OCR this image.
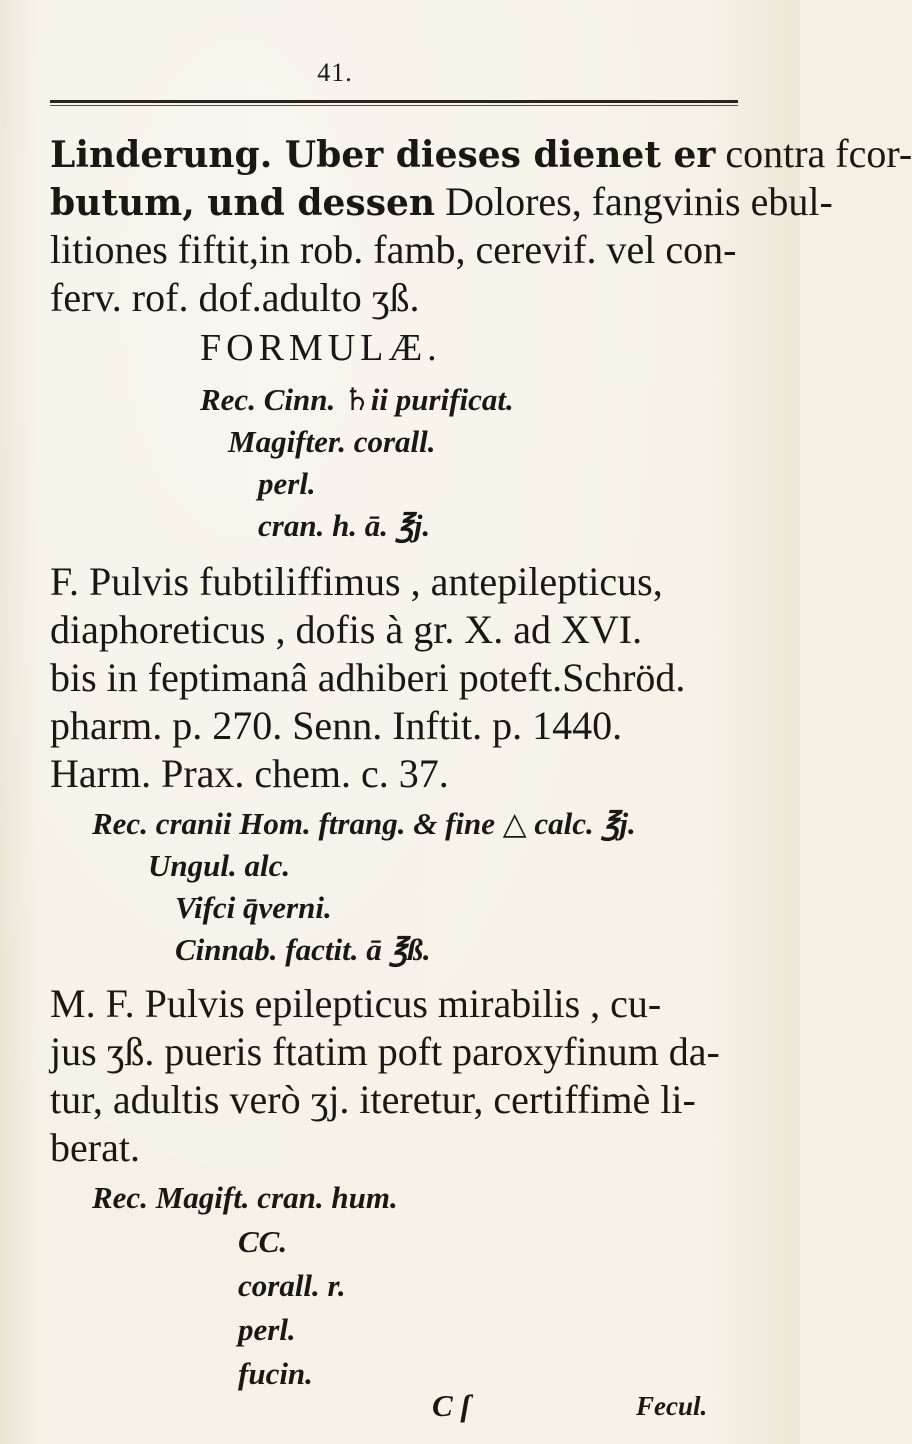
41.
Linderung. Uber dieses dienet er contra fcor-
butum, und dessen Dolores, fangvinis ebul-
litiones fiftit,in rob. famb, cerevif. vel con-
ferv. rof. dof.adulto ʒß.
FORMULÆ.
Rec. Cinn. ♄ii purificat.
Magifter. corall.
perl.
cran. h. ā. ℥j.
F. Pulvis fubtiliffimus , antepilepticus,
diaphoreticus , dofis à gr. X. ad XVI.
bis in feptimanâ adhiberi poteft.Schröd.
pharm. p. 270. Senn. Inftit. p. 1440.
Harm. Prax. chem. c. 37.
Rec. cranii Hom. ftrang. & fine △ calc. ℥j.
Ungul. alc.
Vifci q̄verni.
Cinnab. factit. ā ℥ß.
M. F. Pulvis epilepticus mirabilis , cu-
jus ʒß. pueris ftatim poft paroxyfinum da-
tur, adultis verò ʒj. iteretur, certiffimè li-
berat.
Rec. Magift. cran. hum.
CC.
corall. r.
perl.
fucin.
C ſ	Fecul.
